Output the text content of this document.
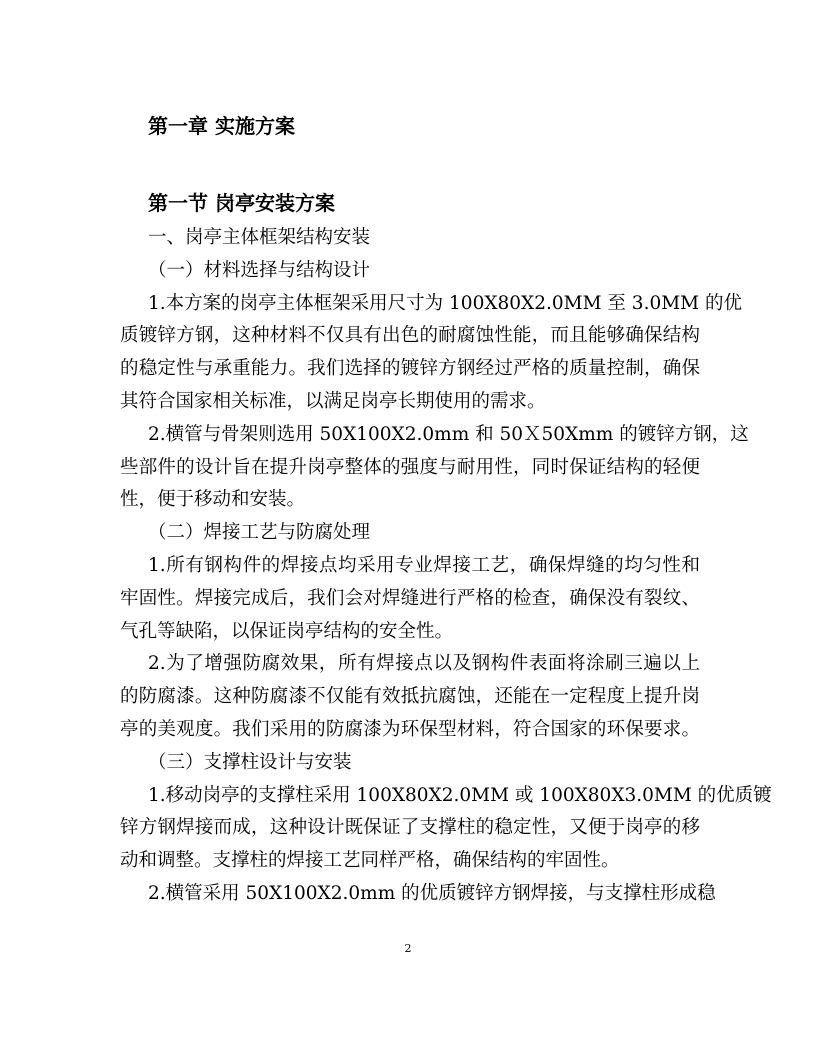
第一章 实施方案
第一节 岗亭安装方案
一、岗亭主体框架结构安装
（一）材料选择与结构设计
1.本方案的岗亭主体框架采用尺寸为 100X80X2.0MM 至 3.0MM 的优
质镀锌方钢，这种材料不仅具有出色的耐腐蚀性能，而且能够确保结构
的稳定性与承重能力。我们选择的镀锌方钢经过严格的质量控制，确保
其符合国家相关标准，以满足岗亭长期使用的需求。
2.横管与骨架则选用 50X100X2.0mm 和 50Ｘ50Xmm 的镀锌方钢，这
些部件的设计旨在提升岗亭整体的强度与耐用性，同时保证结构的轻便
性，便于移动和安装。
（二）焊接工艺与防腐处理
1.所有钢构件的焊接点均采用专业焊接工艺，确保焊缝的均匀性和
牢固性。焊接完成后，我们会对焊缝进行严格的检查，确保没有裂纹、
气孔等缺陷，以保证岗亭结构的安全性。
2.为了增强防腐效果，所有焊接点以及钢构件表面将涂刷三遍以上
的防腐漆。这种防腐漆不仅能有效抵抗腐蚀，还能在一定程度上提升岗
亭的美观度。我们采用的防腐漆为环保型材料，符合国家的环保要求。
（三）支撑柱设计与安装
1.移动岗亭的支撑柱采用 100X80X2.0MM 或 100X80X3.0MM 的优质镀
锌方钢焊接而成，这种设计既保证了支撑柱的稳定性，又便于岗亭的移
动和调整。支撑柱的焊接工艺同样严格，确保结构的牢固性。
2.横管采用 50X100X2.0mm 的优质镀锌方钢焊接，与支撑柱形成稳
2
